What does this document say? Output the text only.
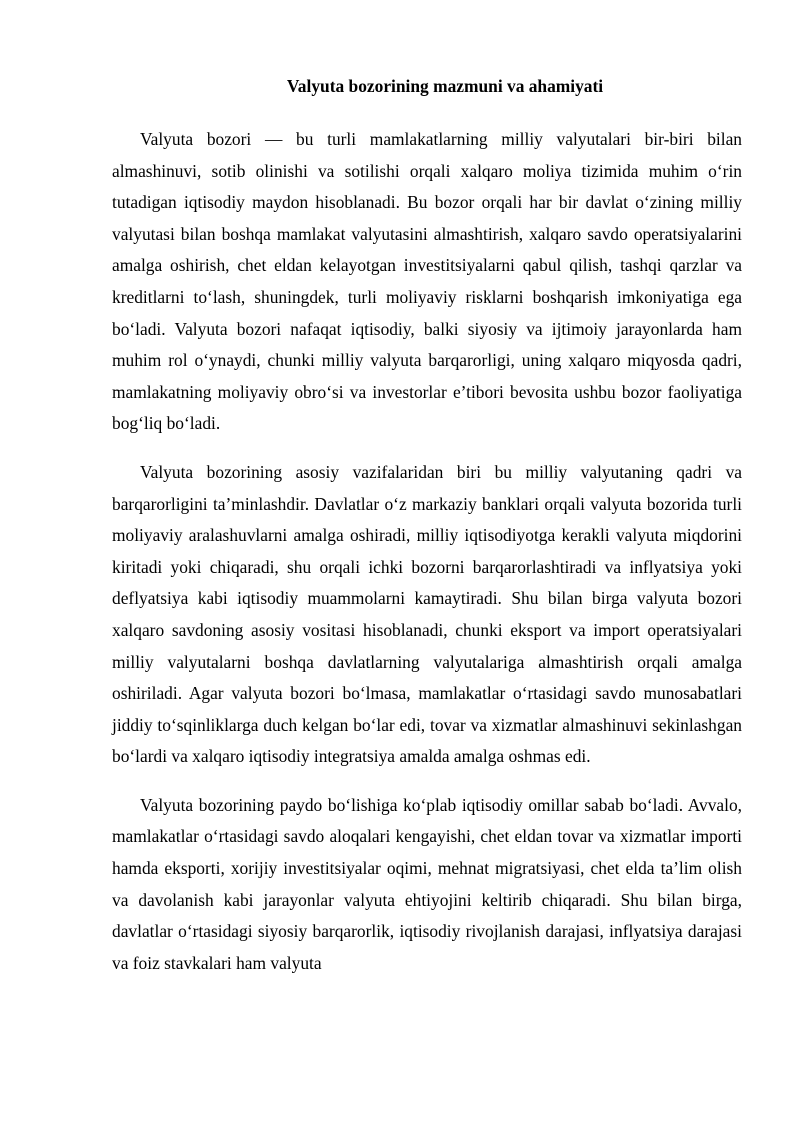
Valyuta bozorining mazmuni va ahamiyati

Valyuta bozori — bu turli mamlakatlarning milliy valyutalari bir-biri bilan almashinuvi, sotib olinishi va sotilishi orqali xalqaro moliya tizimida muhim o‘rin tutadigan iqtisodiy maydon hisoblanadi. Bu bozor orqali har bir davlat o‘zining milliy valyutasi bilan boshqa mamlakat valyutasini almashtirish, xalqaro savdo operatsiyalarini amalga oshirish, chet eldan kelayotgan investitsiyalarni qabul qilish, tashqi qarzlar va kreditlarni to‘lash, shuningdek, turli moliyaviy risklarni boshqarish imkoniyatiga ega bo‘ladi. Valyuta bozori nafaqat iqtisodiy, balki siyosiy va ijtimoiy jarayonlarda ham muhim rol o‘ynaydi, chunki milliy valyuta barqarorligi, uning xalqaro miqyosda qadri, mamlakatning moliyaviy obro‘si va investorlar e’tibori bevosita ushbu bozor faoliyatiga bog‘liq bo‘ladi.

Valyuta bozorining asosiy vazifalaridan biri bu milliy valyutaning qadri va barqarorligini ta’minlashdir. Davlatlar o‘z markaziy banklari orqali valyuta bozorida turli moliyaviy aralashuvlarni amalga oshiradi, milliy iqtisodiyotga kerakli valyuta miqdorini kiritadi yoki chiqaradi, shu orqali ichki bozorni barqarorlashtiradi va inflyatsiya yoki deflyatsiya kabi iqtisodiy muammolarni kamaytiradi. Shu bilan birga valyuta bozori xalqaro savdoning asosiy vositasi hisoblanadi, chunki eksport va import operatsiyalari milliy valyutalarni boshqa davlatlarning valyutalariga almashtirish orqali amalga oshiriladi. Agar valyuta bozori bo‘lmasa, mamlakatlar o‘rtasidagi savdo munosabatlari jiddiy to‘sqinliklarga duch kelgan bo‘lar edi, tovar va xizmatlar almashinuvi sekinlashgan bo‘lardi va xalqaro iqtisodiy integratsiya amalda amalga oshmas edi.

Valyuta bozorining paydo bo‘lishiga ko‘plab iqtisodiy omillar sabab bo‘ladi. Avvalo, mamlakatlar o‘rtasidagi savdo aloqalari kengayishi, chet eldan tovar va xizmatlar importi hamda eksporti, xorijiy investitsiyalar oqimi, mehnat migratsiyasi, chet elda ta’lim olish va davolanish kabi jarayonlar valyuta ehtiyojini keltirib chiqaradi. Shu bilan birga, davlatlar o‘rtasidagi siyosiy barqarorlik, iqtisodiy rivojlanish darajasi, inflyatsiya darajasi va foiz stavkalari ham valyuta
